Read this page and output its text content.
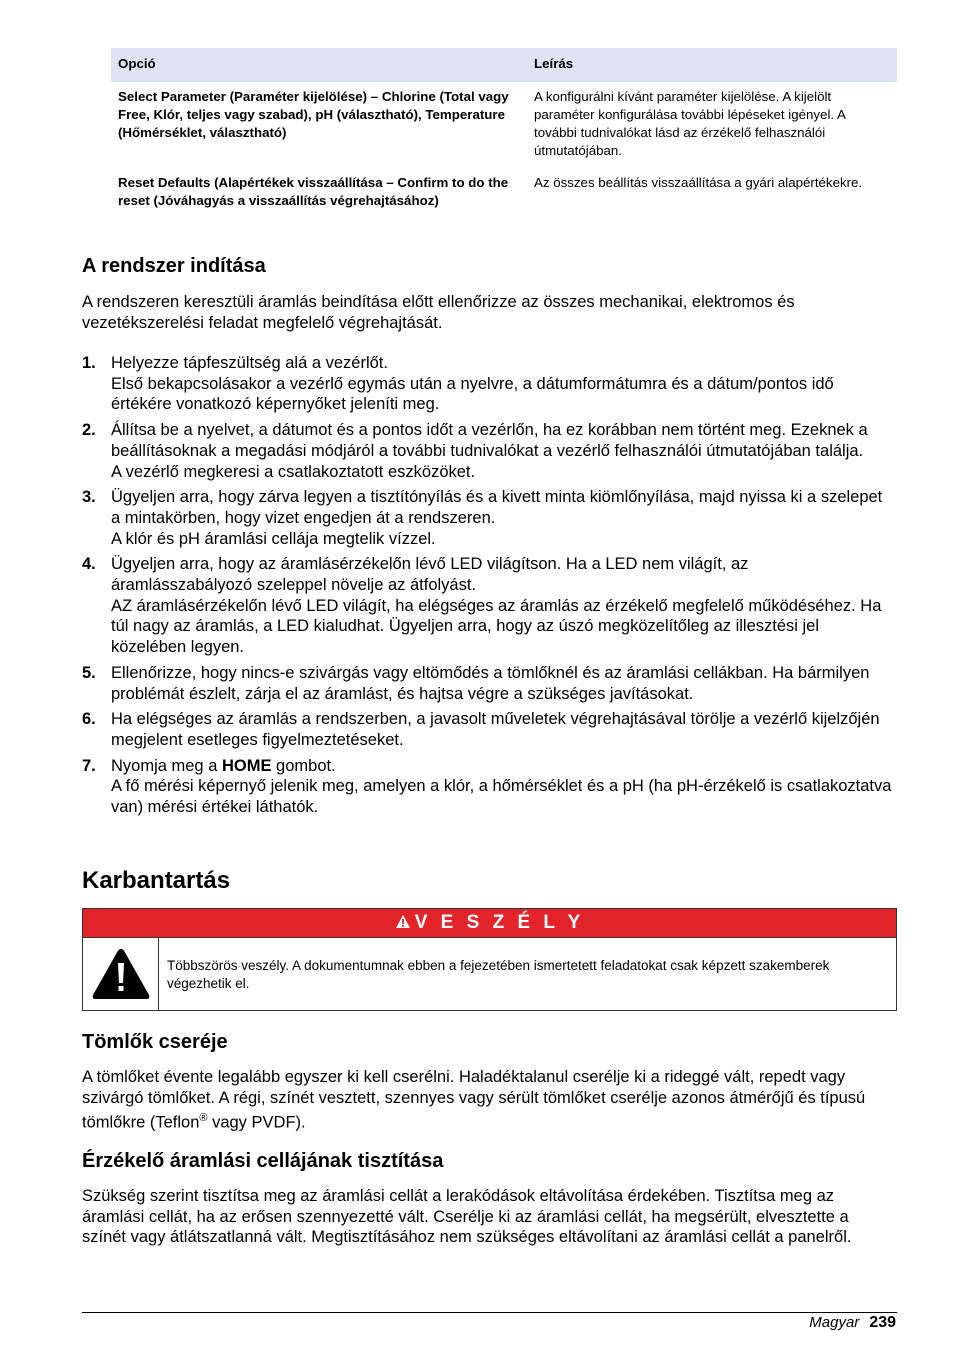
Opció	Leírás
Select Parameter (Paraméter kijelölése) – Chlorine (Total vagy Free, Klór, teljes vagy szabad), pH (választható), Temperature (Hőmérséklet, választható)	A konfigurálni kívánt paraméter kijelölése. A kijelölt paraméter konfigurálása további lépéseket igényel. A további tudnivalókat lásd az érzékelő felhasználói útmutatójában.
Reset Defaults (Alapértékek visszaállítása – Confirm to do the reset (Jóváhagyás a visszaállítás végrehajtásához)	Az összes beállítás visszaállítása a gyári alapértékekre.
A rendszer indítása
A rendszeren keresztüli áramlás beindítása előtt ellenőrizze az összes mechanikai, elektromos és vezetékszerelési feladat megfelelő végrehajtását.
1. Helyezze tápfeszültség alá a vezérlőt.
Első bekapcsolásakor a vezérlő egymás után a nyelvre, a dátumformátumra és a dátum/pontos idő értékére vonatkozó képernyőket jeleníti meg.
2. Állítsa be a nyelvet, a dátumot és a pontos időt a vezérlőn, ha ez korábban nem történt meg. Ezeknek a beállításoknak a megadási módjáról a további tudnivalókat a vezérlő felhasználói útmutatójában találja.
A vezérlő megkeresi a csatlakoztatott eszközöket.
3. Ügyeljen arra, hogy zárva legyen a tisztítónyílás és a kivett minta kiömlőnyílása, majd nyissa ki a szelepet a mintakörben, hogy vizet engedjen át a rendszeren.
A klór és pH áramlási cellája megtelik vízzel.
4. Ügyeljen arra, hogy az áramlásérzékelőn lévő LED világítson. Ha a LED nem világít, az áramlásszabályozó szeleppel növelje az átfolyást.
AZ áramlásérzékelőn lévő LED világít, ha elégséges az áramlás az érzékelő megfelelő működéséhez. Ha túl nagy az áramlás, a LED kialudhat. Ügyeljen arra, hogy az úszó megközelítőleg az illesztési jel közelében legyen.
5. Ellenőrizze, hogy nincs-e szivárgás vagy eltömődés a tömlőknél és az áramlási cellákban. Ha bármilyen problémát észlelt, zárja el az áramlást, és hajtsa végre a szükséges javításokat.
6. Ha elégséges az áramlás a rendszerben, a javasolt műveletek végrehajtásával törölje a vezérlő kijelzőjén megjelent esetleges figyelmeztetéseket.
7. Nyomja meg a HOME gombot.
A fő mérési képernyő jelenik meg, amelyen a klór, a hőmérséklet és a pH (ha pH-érzékelő is csatlakoztatva van) mérési értékei láthatók.
Karbantartás
V E S Z É L Y
Többszörös veszély. A dokumentumnak ebben a fejezetében ismertetett feladatokat csak képzett szakemberek végezhetik el.
Tömlők cseréje
A tömlőket évente legalább egyszer ki kell cserélni. Haladéktalanul cserélje ki a rideggé vált, repedt vagy szivárgó tömlőket. A régi, színét vesztett, szennyes vagy sérült tömlőket cserélje azonos átmérőjű és típusú tömlőkre (Teflon® vagy PVDF).
Érzékelő áramlási cellájának tisztítása
Szükség szerint tisztítsa meg az áramlási cellát a lerakódások eltávolítása érdekében. Tisztítsa meg az áramlási cellát, ha az erősen szennyezetté vált. Cserélje ki az áramlási cellát, ha megsérült, elvesztette a színét vagy átlátszatlanná vált. Megtisztításához nem szükséges eltávolítani az áramlási cellát a panelről.
Magyar 239
